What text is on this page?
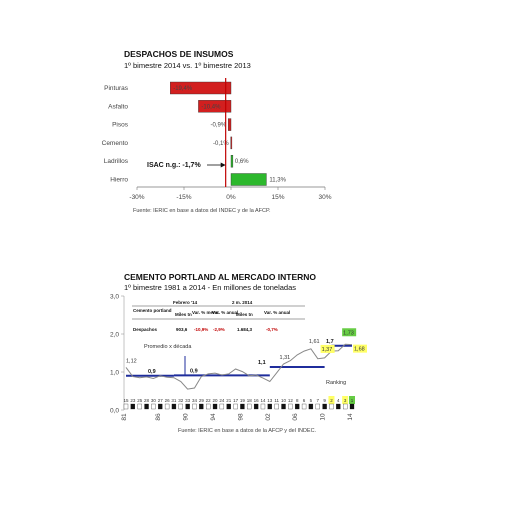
DESPACHOS DE INSUMOS
1º bimestre 2014 vs. 1º bimestre 2013
Pinturas	-19,4%
Asfalto	-10,4%
Pisos	-0,9%
Cemento	-0,1%
Ladrillos	0,6%
Hierro	11,3%
-30%	-15%	0%	15%	30%
ISAC n.g.: -1,7%
Fuente: IERIC en base a datos del INDEC y de la AFCP.
CEMENTO PORTLAND AL MERCADO INTERNO
1º bimestre 1981 a 2014 - En millones de toneladas
0,0
1,0
2,0
3,0
Febrero '14	2 m. 2014
Cemento portland
Miles tn Var. % mens.
Var. % anual
Miles tn Var. % anual
Despachos	903,6 -10,9% -2,9%	1.684,3	-0,7%
Promedio x década
Ranking
0,9	0,9
1,1
1,7
1,12
1,31
1,61
1,37
1,73
1,68
15 23 25 28 30 27 26 31 32 33 34 29 22 20 24 21 17 19 18 16 14 13 11 10 12 8 6 5 7 9 2 4 3 1
81	86	90	94	98	02	06	10	14
Fuente: IERIC en base a datos de la AFCP y del INDEC.
